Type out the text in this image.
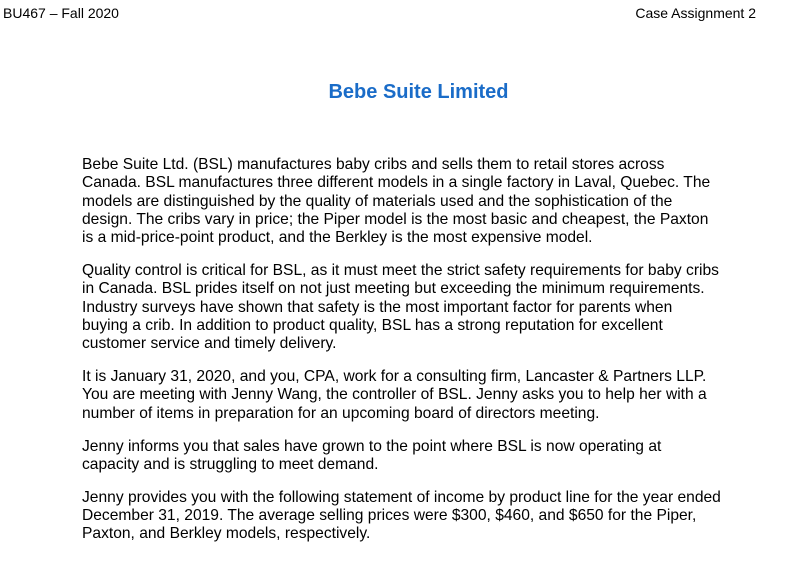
BU467 – Fall 2020	Case Assignment 2
Bebe Suite Limited

Bebe Suite Ltd. (BSL) manufactures baby cribs and sells them to retail stores across Canada. BSL manufactures three different models in a single factory in Laval, Quebec. The models are distinguished by the quality of materials used and the sophistication of the design. The cribs vary in price; the Piper model is the most basic and cheapest, the Paxton is a mid-price-point product, and the Berkley is the most expensive model.

Quality control is critical for BSL, as it must meet the strict safety requirements for baby cribs in Canada. BSL prides itself on not just meeting but exceeding the minimum requirements. Industry surveys have shown that safety is the most important factor for parents when buying a crib. In addition to product quality, BSL has a strong reputation for excellent customer service and timely delivery.

It is January 31, 2020, and you, CPA, work for a consulting firm, Lancaster & Partners LLP. You are meeting with Jenny Wang, the controller of BSL. Jenny asks you to help her with a number of items in preparation for an upcoming board of directors meeting.

Jenny informs you that sales have grown to the point where BSL is now operating at capacity and is struggling to meet demand.

Jenny provides you with the following statement of income by product line for the year ended December 31, 2019. The average selling prices were $300, $460, and $650 for the Piper, Paxton, and Berkley models, respectively.
